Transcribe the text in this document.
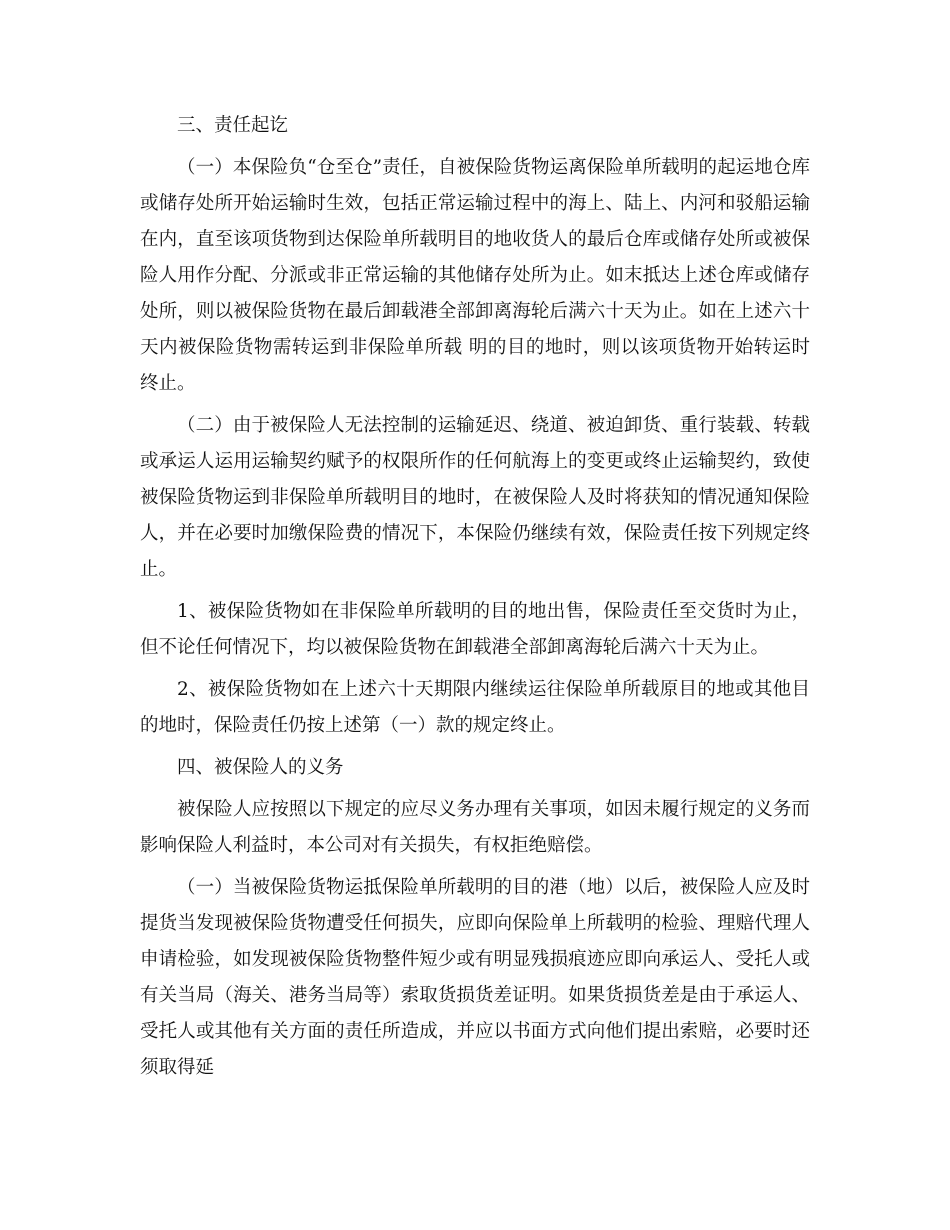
三、责任起讫

（一）本保险负“仓至仓”责任，自被保险货物运离保险单所载明的起运地仓库或储存处所开始运输时生效，包括正常运输过程中的海上、陆上、内河和驳船运输在内，直至该项货物到达保险单所载明目的地收货人的最后仓库或储存处所或被保险人用作分配、分派或非正常运输的其他储存处所为止。如末抵达上述仓库或储存处所，则以被保险货物在最后卸载港全部卸离海轮后满六十天为止。如在上述六十天内被保险货物需转运到非保险单所载 明的目的地时，则以该项货物开始转运时终止。

（二）由于被保险人无法控制的运输延迟、绕道、被迫卸货、重行装载、转载或承运人运用运输契约赋予的权限所作的任何航海上的变更或终止运输契约，致使被保险货物运到非保险单所载明目的地时，在被保险人及时将获知的情况通知保险人，并在必要时加缴保险费的情况下，本保险仍继续有效，保险责任按下列规定终止。

1、被保险货物如在非保险单所载明的目的地出售，保险责任至交货时为止，但不论任何情况下，均以被保险货物在卸载港全部卸离海轮后满六十天为止。

2、被保险货物如在上述六十天期限内继续运往保险单所载原目的地或其他目的地时，保险责任仍按上述第（一）款的规定终止。

四、被保险人的义务

被保险人应按照以下规定的应尽义务办理有关事项，如因未履行规定的义务而影响保险人利益时，本公司对有关损失，有权拒绝赔偿。

（一）当被保险货物运抵保险单所载明的目的港（地）以后，被保险人应及时提货当发现被保险货物遭受任何损失，应即向保险单上所载明的检验、理赔代理人申请检验，如发现被保险货物整件短少或有明显残损痕迹应即向承运人、受托人或有关当局（海关、港务当局等）索取货损货差证明。如果货损货差是由于承运人、受托人或其他有关方面的责任所造成，并应以书面方式向他们提出索赔，必要时还须取得延
